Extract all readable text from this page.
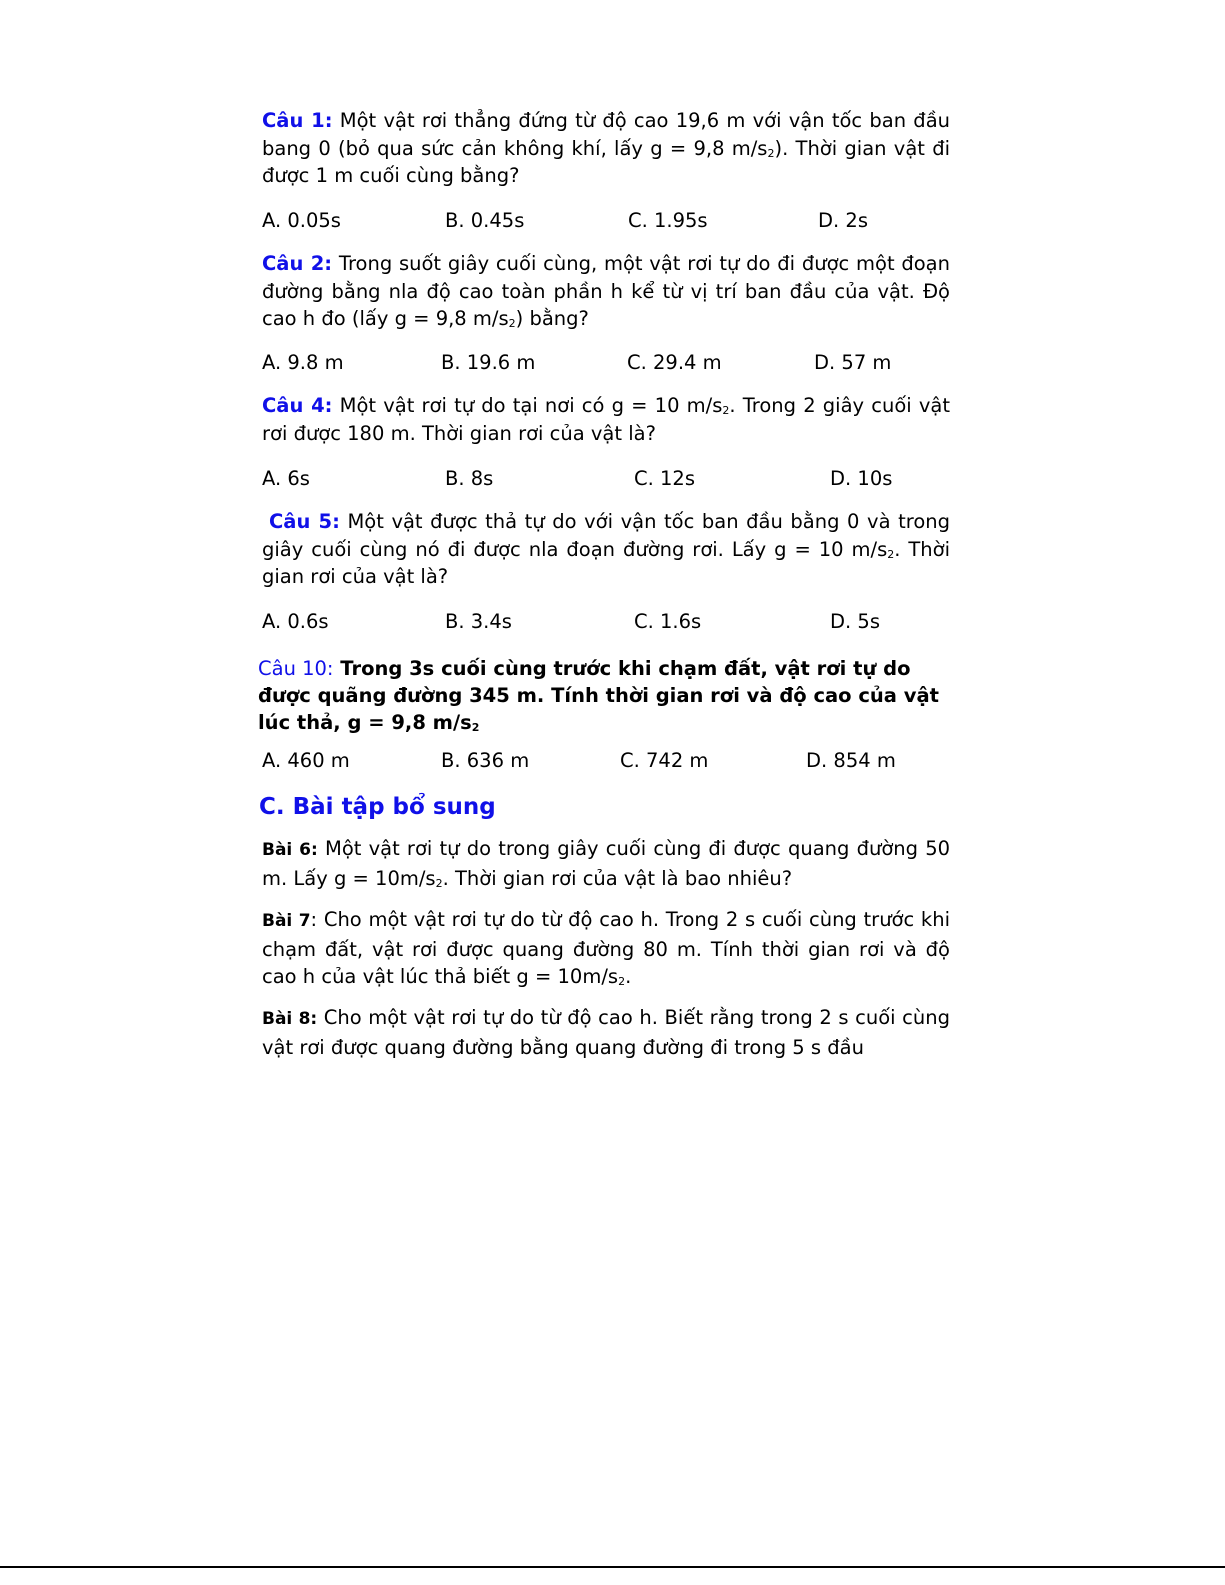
Câu 1: Một vật rơi thẳng đứng từ độ cao 19,6 m với vận tốc ban đầu bang 0 (bỏ qua sức cản không khí, lấy g = 9,8 m/s2). Thời gian vật đi được 1 m cuối cùng bằng?
A. 0.05s	B. 0.45s	C. 1.95s	D. 2s
Câu 2: Trong suốt giây cuối cùng, một vật rơi tự do đi được một đoạn đường bằng nla độ cao toàn phần h kể từ vị trí ban đầu của vật. Độ cao h đo (lấy g = 9,8 m/s2) bằng?
A. 9.8 m	B. 19.6 m	C. 29.4 m	D. 57 m
Câu 4: Một vật rơi tự do tại nơi có g = 10 m/s2. Trong 2 giây cuối vật rơi được 180 m. Thời gian rơi của vật là?
A. 6s	B. 8s	C. 12s	D. 10s
Câu 5: Một vật được thả tự do với vận tốc ban đầu bằng 0 và trong giây cuối cùng nó đi được nla đoạn đường rơi. Lấy g = 10 m/s2. Thời gian rơi của vật là?
A. 0.6s	B. 3.4s	C. 1.6s	D. 5s
Câu 10: Trong 3s cuối cùng trước khi chạm đất, vật rơi tự do được quãng đường 345 m. Tính thời gian rơi và độ cao của vật lúc thả, g = 9,8 m/s2
A. 460 m	B. 636 m	C. 742 m	D. 854 m
C. Bài tập bổ sung
Bài 6: Một vật rơi tự do trong giây cuối cùng đi được quang đường 50 m. Lấy g = 10m/s2. Thời gian rơi của vật là bao nhiêu?
Bài 7: Cho một vật rơi tự do từ độ cao h. Trong 2 s cuối cùng trước khi chạm đất, vật rơi được quang đường 80 m. Tính thời gian rơi và độ cao h của vật lúc thả biết g = 10m/s2.
Bài 8: Cho một vật rơi tự do từ độ cao h. Biết rằng trong 2 s cuối cùng vật rơi được quang đường bằng quang đường đi trong 5 s đầu
